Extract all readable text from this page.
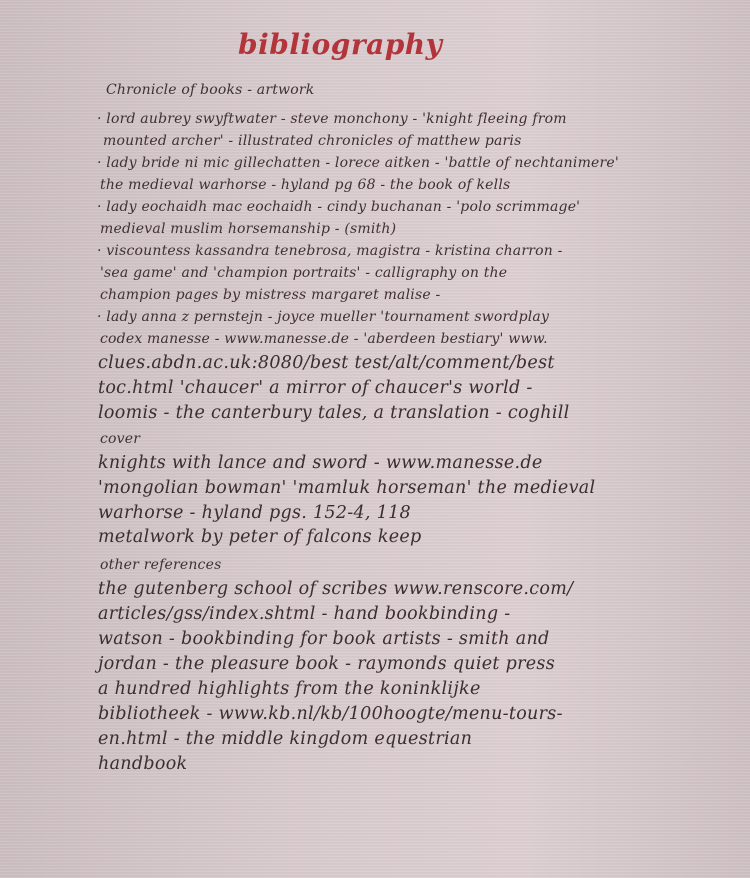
bibliography
Chronicle of books - artwork
· lord aubrey swyftwater - steve monchony - 'knight fleeing from
mounted archer' - illustrated chronicles of matthew paris
· lady bride ni mic gillechatten - lorece aitken - 'battle of nechtanimere'
the medieval warhorse - hyland pg 68 - the book of kells
· lady eochaidh mac eochaidh - cindy buchanan - 'polo scrimmage'
medieval muslim horsemanship - (smith)
· viscountess kassandra tenebrosa, magistra - kristina charron -
'sea game' and 'champion portraits' - calligraphy on the
champion pages by mistress margaret malise -
· lady anna z pernstejn - joyce mueller 'tournament swordplay
codex manesse - www.manesse.de - 'aberdeen bestiary' www.
clues.abdn.ac.uk:8080/best test/alt/comment/best
toc.html 'chaucer' a mirror of chaucer's world -
loomis - the canterbury tales, a translation - coghill
cover
knights with lance and sword - www.manesse.de
'mongolian bowman' 'mamluk horseman' the medieval
warhorse - hyland pgs. 152-4, 118
metalwork by peter of falcons keep
other references
the gutenberg school of scribes www.renscore.com/
articles/gss/index.shtml - hand bookbinding -
watson - bookbinding for book artists - smith and
jordan - the pleasure book - raymonds quiet press
a hundred highlights from the koninklijke
bibliotheek - www.kb.nl/kb/100hoogte/menu-tours-
en.html - the middle kingdom equestrian
handbook
